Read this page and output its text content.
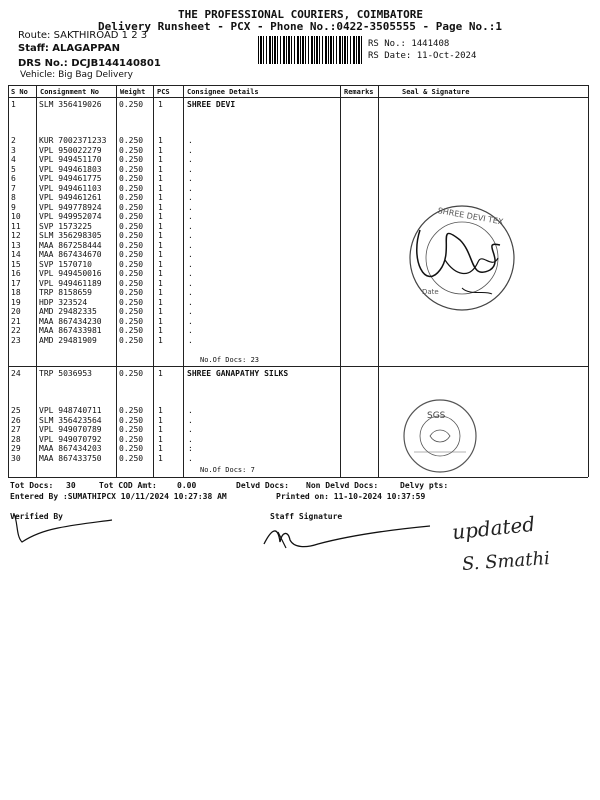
THE PROFESSIONAL COURIERS, COIMBATORE
Delivery Runsheet - PCX - Phone No.:0422-3505555 - Page No.:1
Route: SAKTHIROAD 1 2 3
Staff: ALAGAPPAN
DRS No.: DCJB144140801
Vehicle: Big Bag Delivery
RS No.: 1441408
RS Date: 11-Oct-2024
S No Consignment No	Weight PCS Consignee Details	Remarks	Seal & Signature
SHREE DEVI
1	SLM 356419026 0.250 1
2	KUR 7002371233 0.250 1	.
3	VPL 950022279 0.250 1	.
4	VPL 949451170 0.250 1	.
5	VPL 949461803 0.250 1	.
6	VPL 949461775 0.250 1	.
7	VPL 949461103 0.250 1	.
8	VPL 949461261 0.250 1	.
9	VPL 949778924 0.250 1	.
10 VPL 949952074 0.250 1	.
11 SVP 1573225	0.250 1	.
12 SLM 356298305 0.250 1	.
13 MAA 867258444 0.250 1	.
14 MAA 867434670 0.250 1	.
15 SVP 1570710	0.250 1	.
16 VPL 949450016 0.250 1	.
17 VPL 949461189 0.250 1	.
18 TRP 8158659	0.250 1	.
19 HDP 323524	0.250 1	.
20 AMD 29482335	0.250 1	.
21 MAA 867434230 0.250 1	.
22 MAA 867433981 0.250 1	.
23 AMD 29481909	0.250 1	.
No.Of Docs: 23
SHREE GANAPATHY SILKS
24 TRP 5036953	0.250 1
25 VPL 948740711 0.250 1	.
26 SLM 356423564 0.250 1	.
27 VPL 949070789 0.250 1	.
28 VPL 949070792 0.250 1	.
29 MAA 867434203 0.250 1	:
30 MAA 867433750 0.250 1	.
No.Of Docs: 7
SHREE DEVI TEX
Date
SGS
Tot Docs: 30	Tot COD Amt:	0.00	Delvd Docs: Non Delvd Docs:	Delvy pts:
Entered By :SUMATHIPCX 10/11/2024 10:27:38 AM	Printed on: 11-10-2024 10:37:59
Verified By	Staff Signature	updated
S. Smathi
